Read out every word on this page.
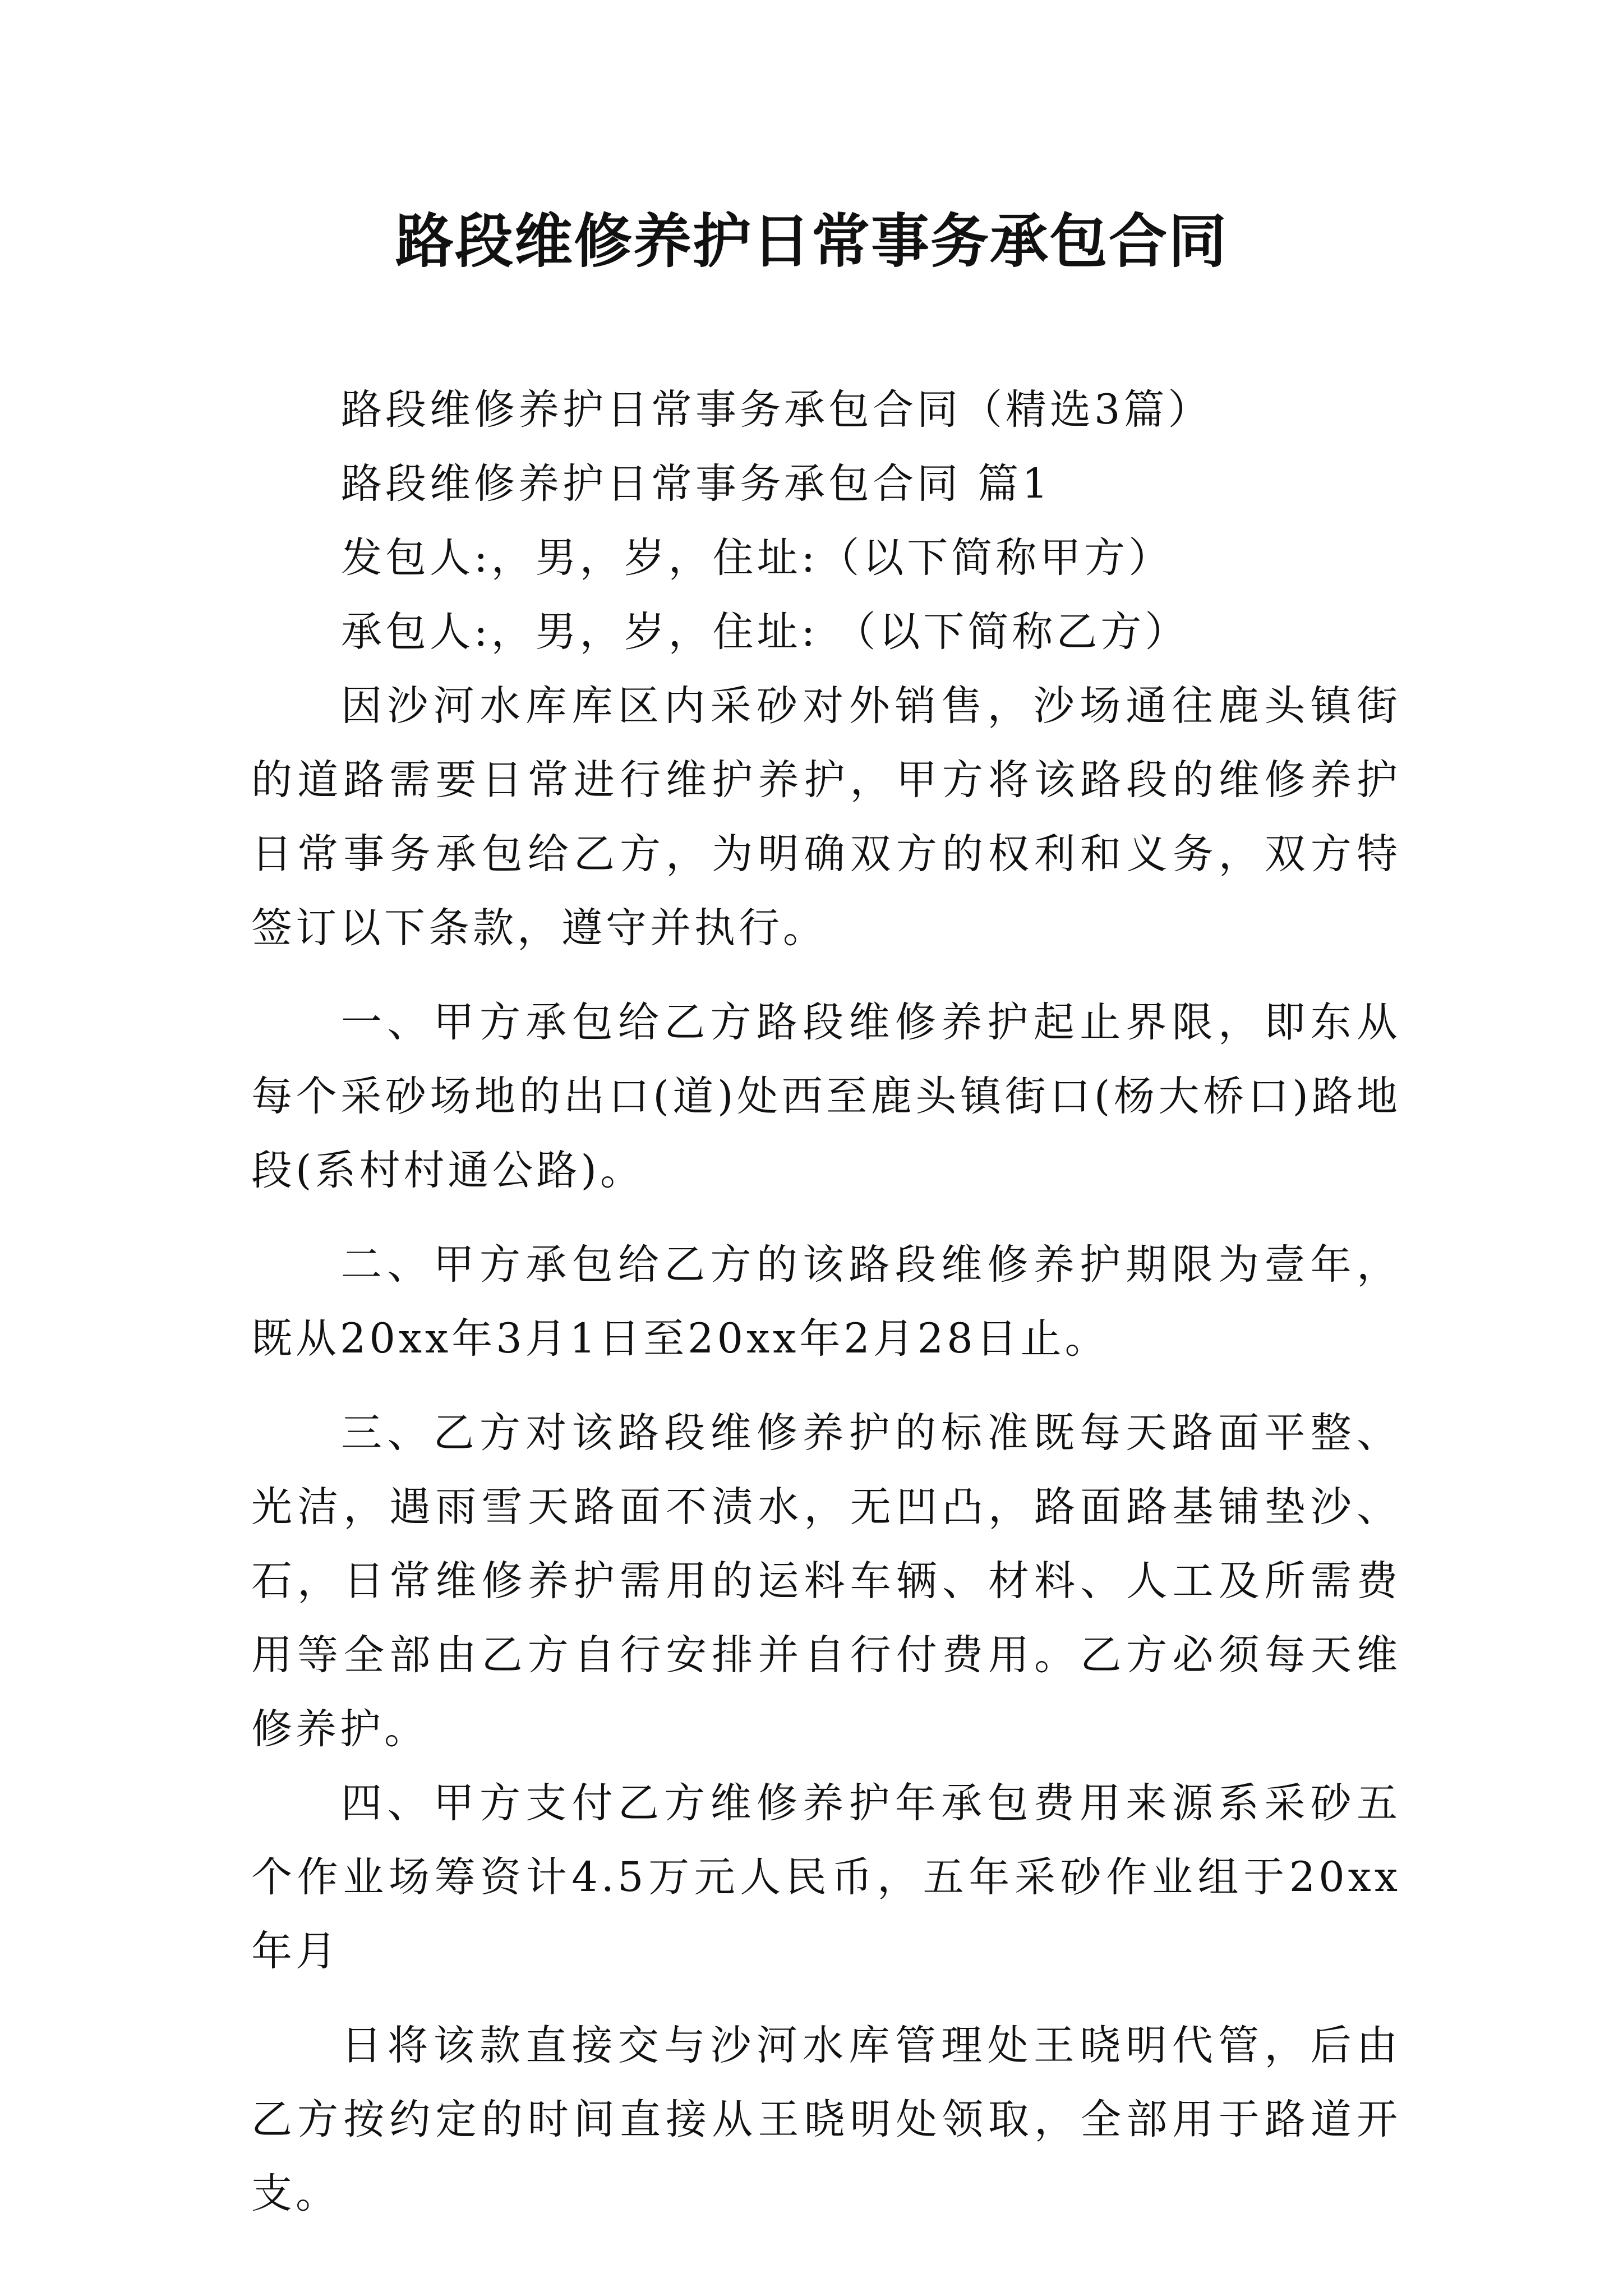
路段维修养护日常事务承包合同

路段维修养护日常事务承包合同（精选3篇）

路段维修养护日常事务承包合同 篇1

发包人:，男，岁，住址:（以下简称甲方）

承包人:，男，岁，住址: （以下简称乙方）

因沙河水库库区内采砂对外销售，沙场通往鹿头镇街的道路需要日常进行维护养护，甲方将该路段的维修养护日常事务承包给乙方，为明确双方的权利和义务，双方特签订以下条款，遵守并执行。

一、甲方承包给乙方路段维修养护起止界限，即东从每个采砂场地的出口(道)处西至鹿头镇街口(杨大桥口)路地段(系村村通公路)。

二、甲方承包给乙方的该路段维修养护期限为壹年，既从20xx年3月1日至20xx年2月28日止。

三、乙方对该路段维修养护的标准既每天路面平整、光洁，遇雨雪天路面不渍水，无凹凸，路面路基铺垫沙、石，日常维修养护需用的运料车辆、材料、人工及所需费用等全部由乙方自行安排并自行付费用。乙方必须每天维修养护。

四、甲方支付乙方维修养护年承包费用来源系采砂五个作业场筹资计4.5万元人民币，五年采砂作业组于20xx年月

日将该款直接交与沙河水库管理处王晓明代管，后由乙方按约定的时间直接从王晓明处领取，全部用于路道开支。
